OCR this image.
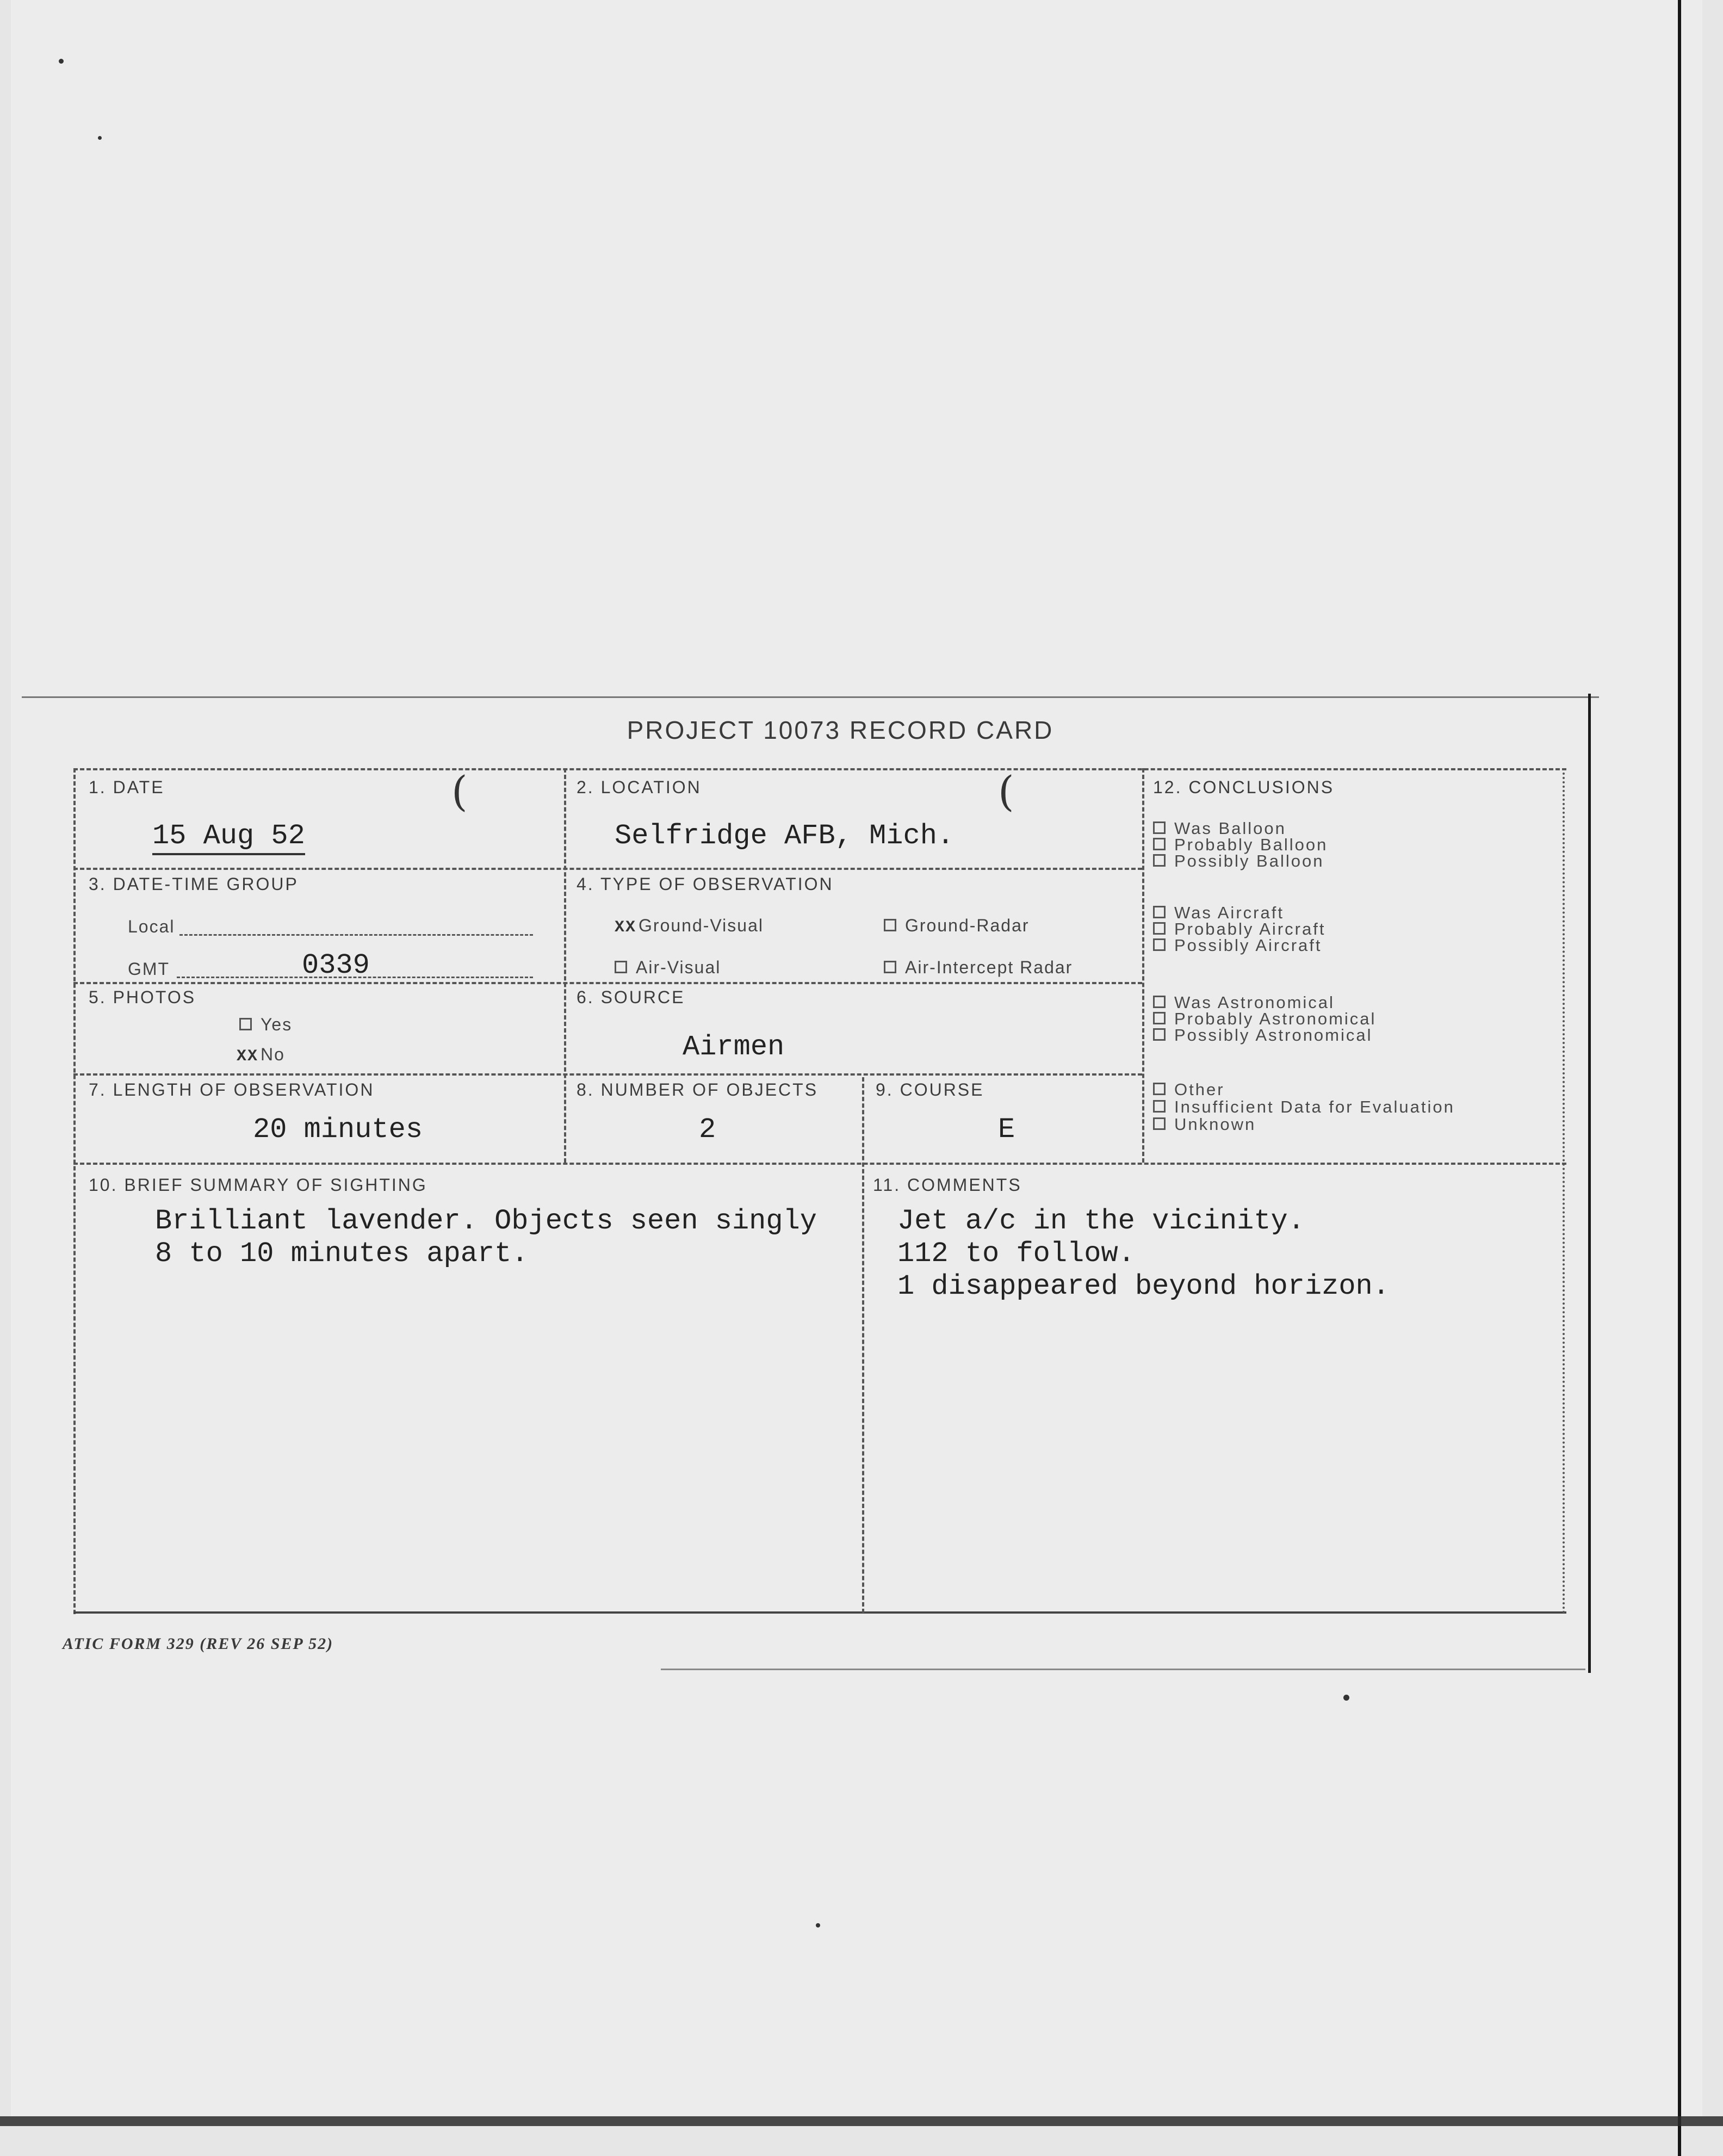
PROJECT 10073 RECORD CARD
1. DATE	(
15 Aug 52
2. LOCATION	(
Selfridge AFB, Mich.
3. DATE-TIME GROUP
Local
GMT	0339
4. TYPE OF OBSERVATION
XX Ground-Visual	Ground-Radar
Air-Visual	Air-Intercept Radar
5. PHOTOS
Yes
XX No
6. SOURCE
Airmen
7. LENGTH OF OBSERVATION
20 minutes
8. NUMBER OF OBJECTS
2
9. COURSE
E
12. CONCLUSIONS
Was Balloon
Probably Balloon
Possibly Balloon
Was Aircraft
Probably Aircraft
Possibly Aircraft
Was Astronomical
Probably Astronomical
Possibly Astronomical
Other
Insufficient Data for Evaluation
Unknown
10. BRIEF SUMMARY OF SIGHTING
Brilliant lavender. Objects seen singly
8 to 10 minutes apart.
11. COMMENTS
Jet a/c in the vicinity.
112 to follow.
1 disappeared beyond horizon.
ATIC FORM 329 (REV 26 SEP 52)
